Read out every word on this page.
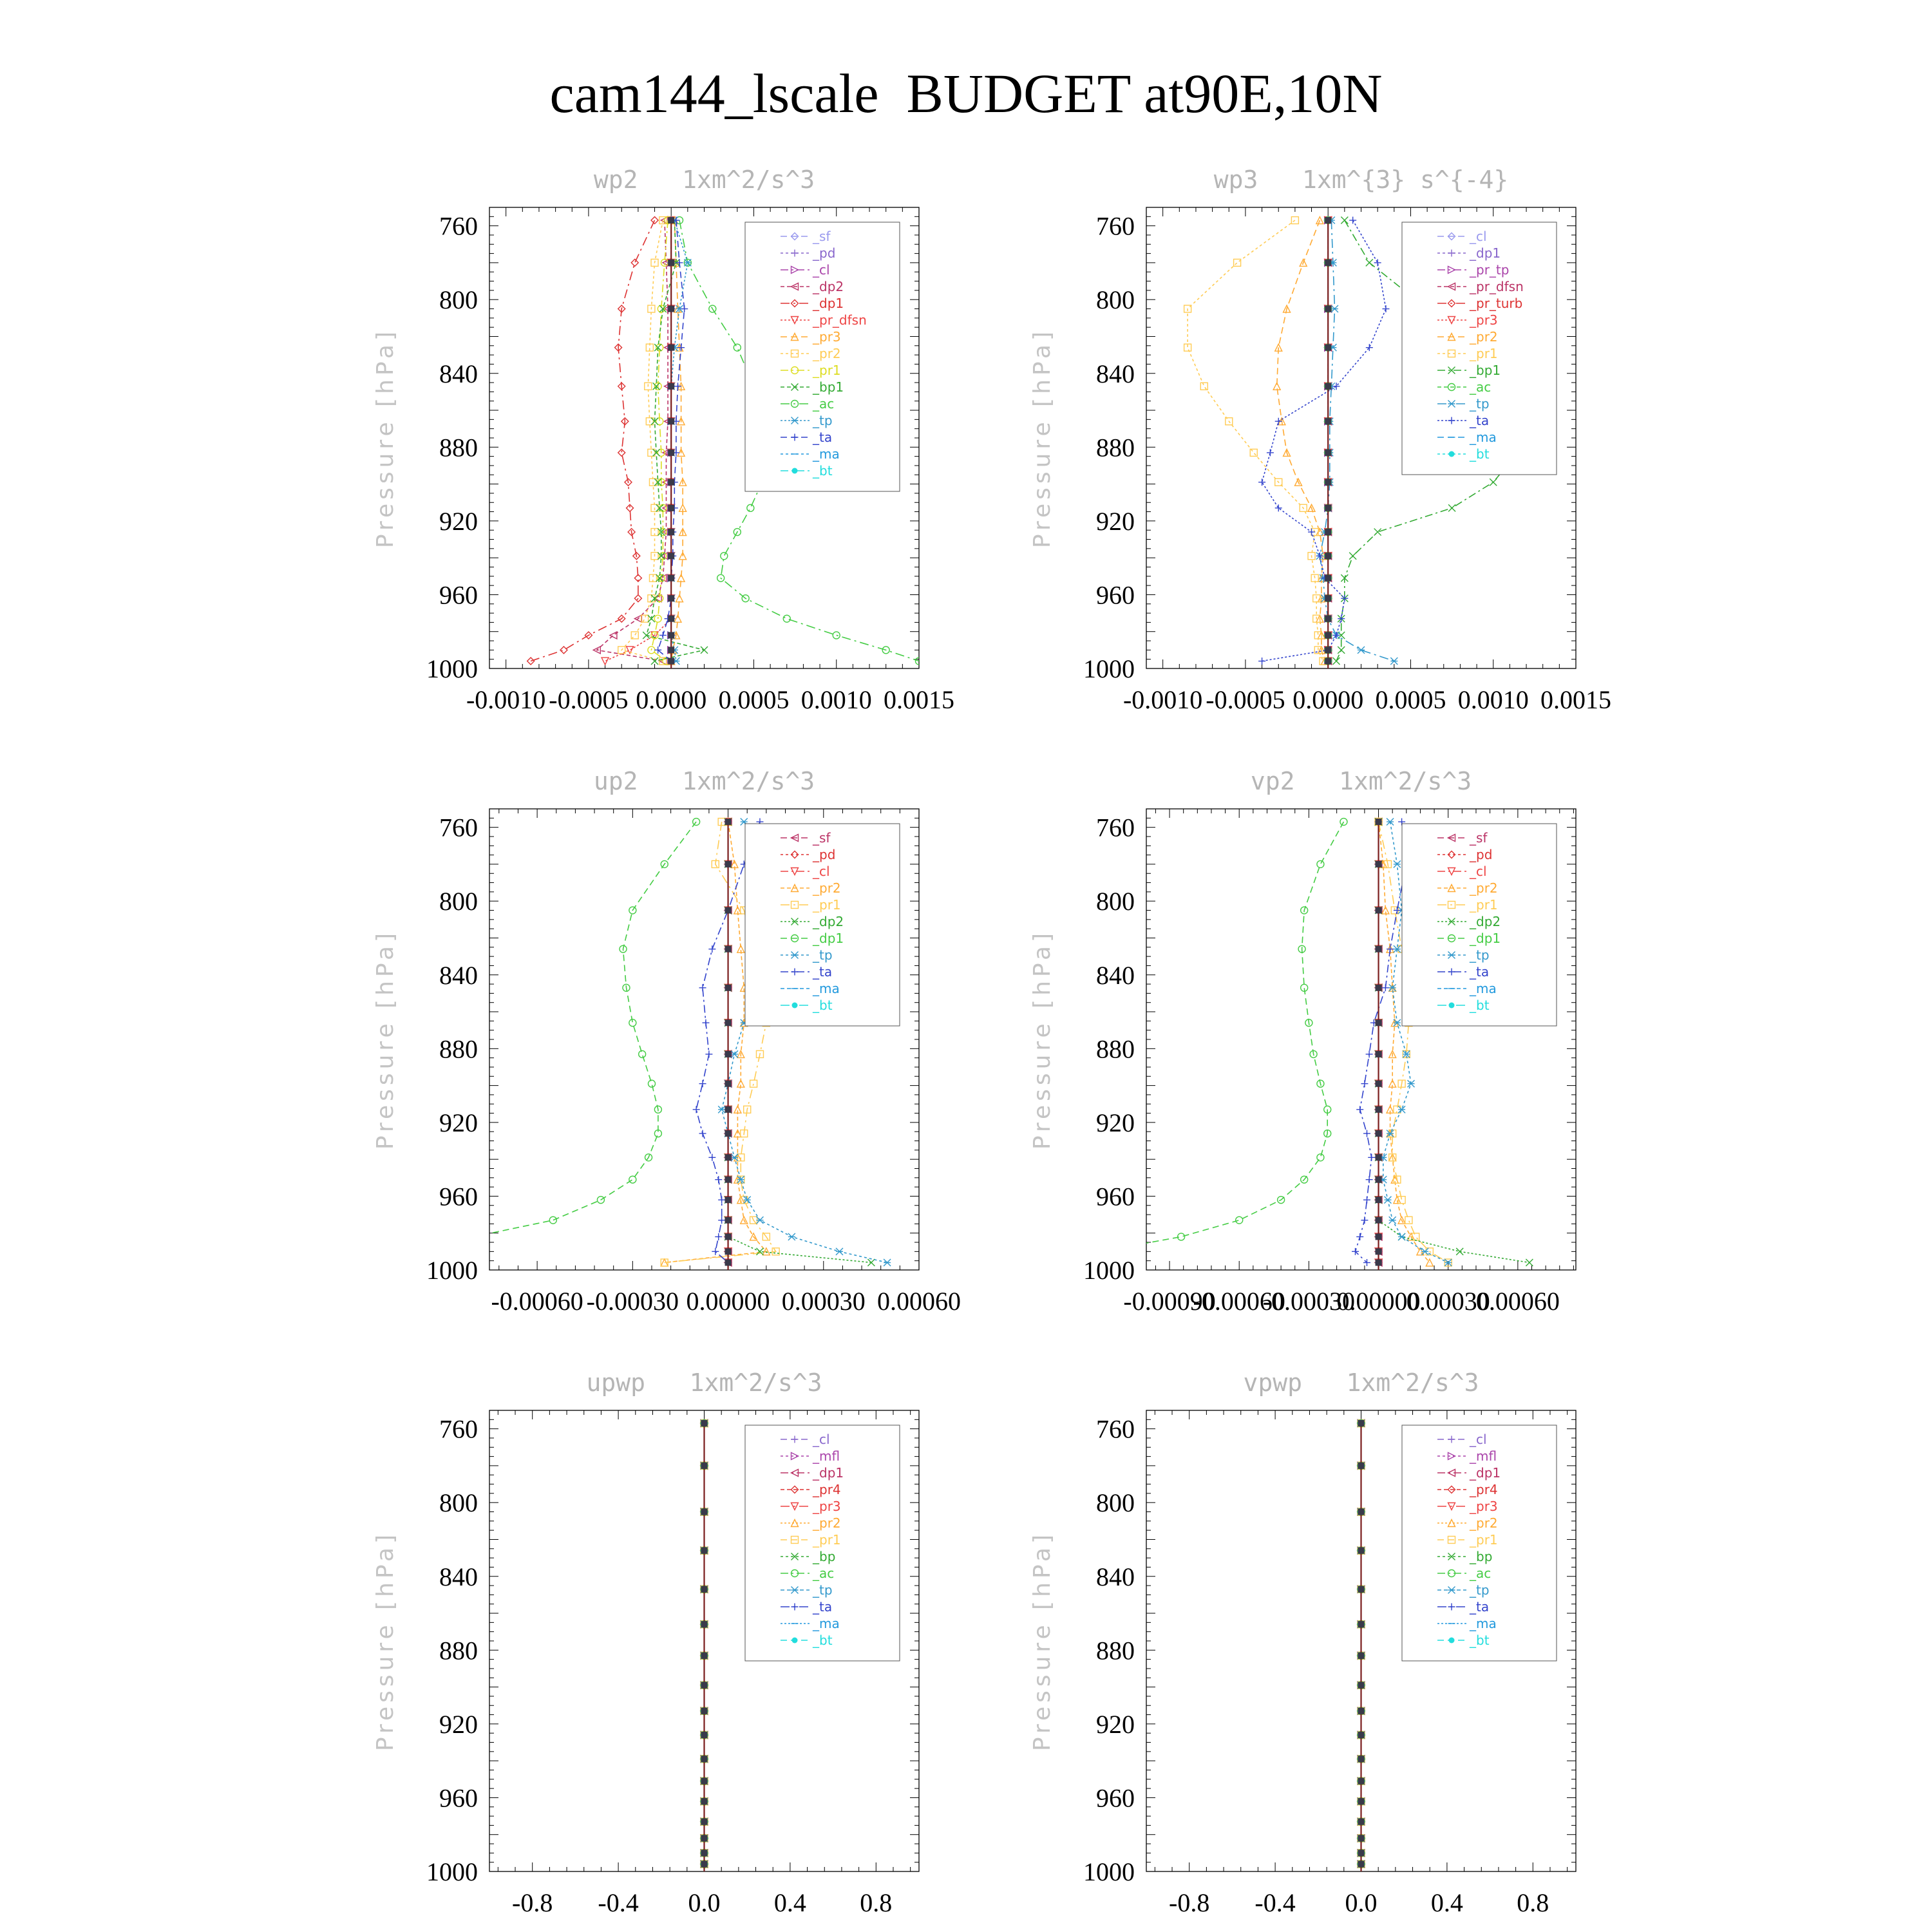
cam144_lscale  BUDGET at90E,10N
wp2   1xm^2/s^3
Pressure [hPa]
760
800
840
880
920
960
1000
-0.0010 -0.0005 0.0000 0.0005 0.0010 0.0015
_sf
_pd
_cl
_dp2
_dp1
_pr_dfsn
_pr3
_pr2
_pr1
_bp1
_ac
_tp
_ta
_ma
_bt
wp3   1xm^{3} s^{-4}
Pressure [hPa]
760
800
840
880
920
960
1000
-0.0010 -0.0005 0.0000 0.0005 0.0010 0.0015
_cl
_dp1
_pr_tp
_pr_dfsn
_pr_turb
_pr3
_pr2
_pr1
_bp1
_ac
_tp
_ta
_ma
_bt
up2   1xm^2/s^3
Pressure [hPa]
760
800
840
880
920
960
1000
-0.00060 -0.00030 0.00000 0.00030 0.00060
_sf
_pd
_cl
_pr2
_pr1
_dp2
_dp1
_tp
_ta
_ma
_bt
vp2   1xm^2/s^3
Pressure [hPa]
760
800
840
880
920
960
1000
-0.00090
-0.00060
-0.00030
0.00000
0.00030
0.00060
_sf
_pd
_cl
_pr2
_pr1
_dp2
_dp1
_tp
_ta
_ma
_bt
upwp   1xm^2/s^3
Pressure [hPa]
760
800
840
880
920
960
1000
-0.8 -0.4 0.0 0.4 0.8
_cl
_mfl
_dp1
_pr4
_pr3
_pr2
_pr1
_bp
_ac
_tp
_ta
_ma
_bt
vpwp   1xm^2/s^3
Pressure [hPa]
760
800
840
880
920
960
1000
-0.8 -0.4 0.0 0.4 0.8
_cl
_mfl
_dp1
_pr4
_pr3
_pr2
_pr1
_bp
_ac
_tp
_ta
_ma
_bt
